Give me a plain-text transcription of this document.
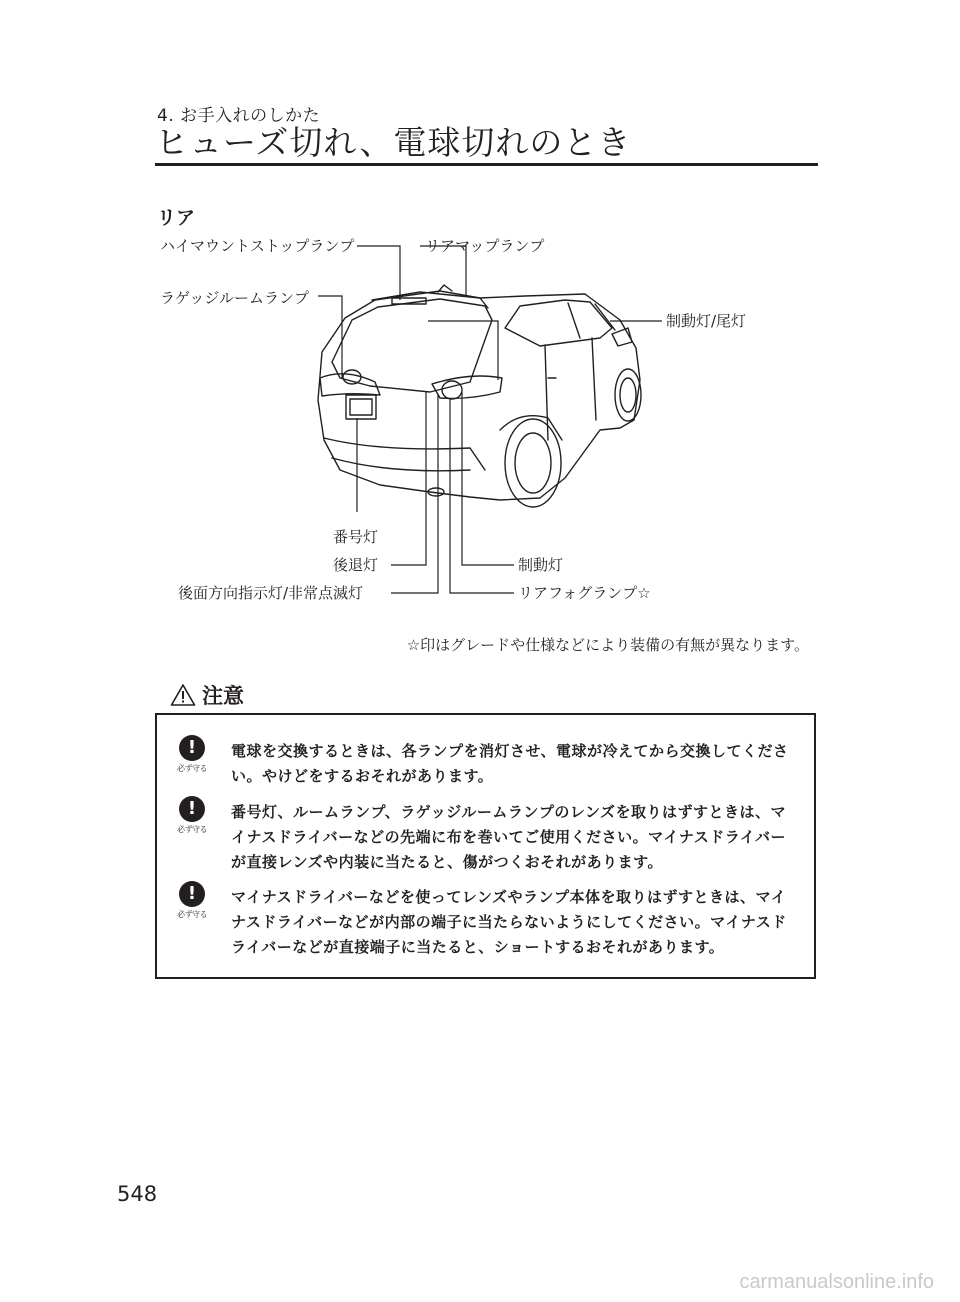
4. お手入れのしかた
ヒューズ切れ、電球切れのとき
リア
ハイマウントストップランプ	リアマップランプ
ラゲッジルームランプ
制動灯/尾灯
番号灯
後退灯
後面方向指示灯/非常点滅灯
制動灯
リアフォグランプ☆
☆印はグレードや仕様などにより装備の有無が異なります。
注意
!
必ず守る
電球を交換するときは、各ランプを消灯させ、電球が冷えてから交換してください。やけどをするおそれがあります。
!
必ず守る
番号灯、ルームランプ、ラゲッジルームランプのレンズを取りはずすときは、マイナスドライバーなどの先端に布を巻いてご使用ください。マイナスドライバーが直接レンズや内装に当たると、傷がつくおそれがあります。
!
必ず守る
マイナスドライバーなどを使ってレンズやランプ本体を取りはずすときは、マイナスドライバーなどが内部の端子に当たらないようにしてください。マイナスドライバーなどが直接端子に当たると、ショートするおそれがあります。
548
carmanualsonline.info
